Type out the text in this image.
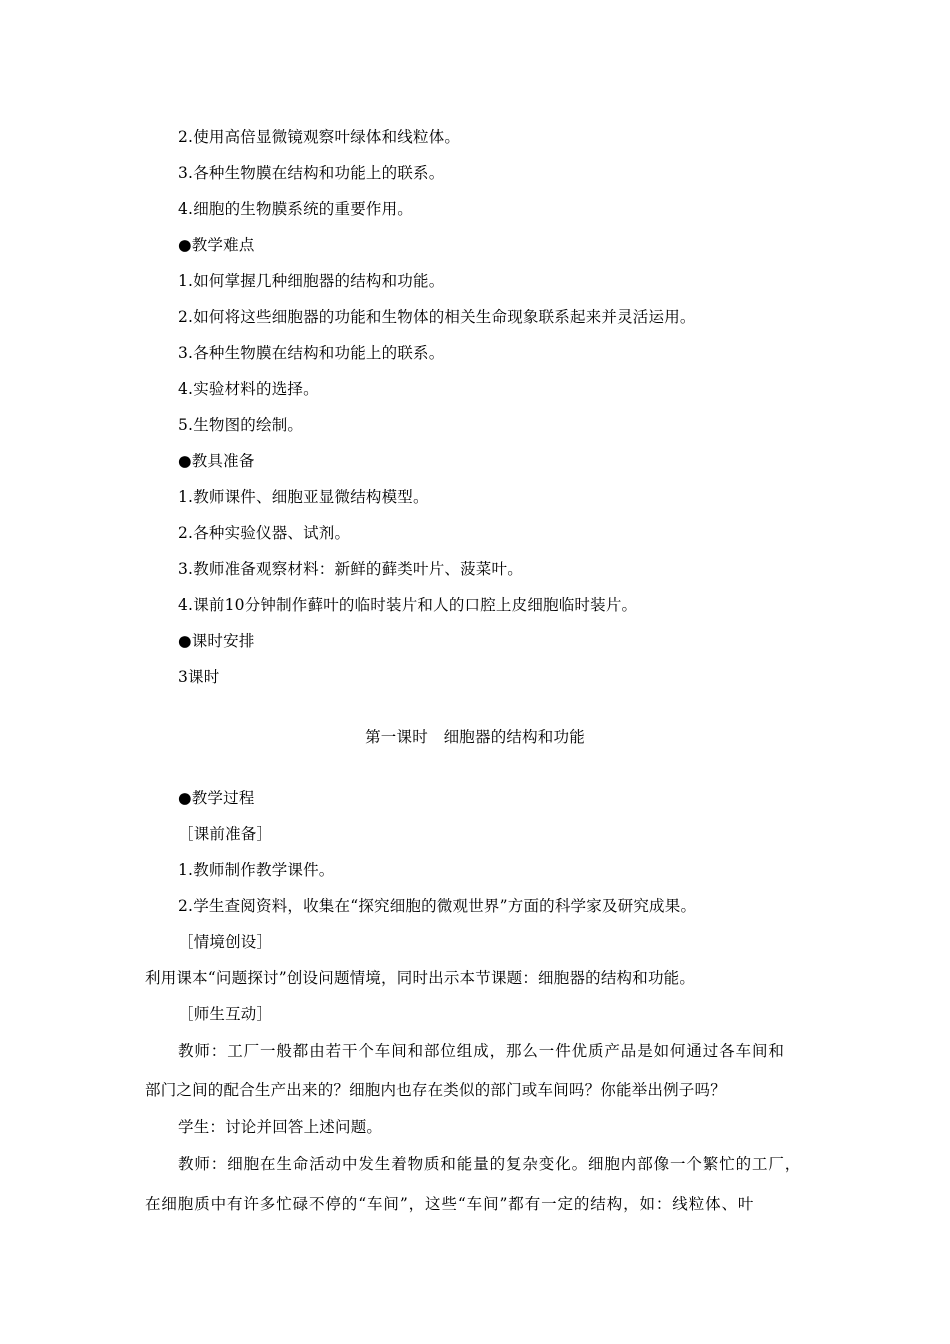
2.使用高倍显微镜观察叶绿体和线粒体。
3.各种生物膜在结构和功能上的联系。
4.细胞的生物膜系统的重要作用。
●教学难点
1.如何掌握几种细胞器的结构和功能。
2.如何将这些细胞器的功能和生物体的相关生命现象联系起来并灵活运用。
3.各种生物膜在结构和功能上的联系。
4.实验材料的选择。
5.生物图的绘制。
●教具准备
1.教师课件、细胞亚显微结构模型。
2.各种实验仪器、试剂。
3.教师准备观察材料：新鲜的藓类叶片、菠菜叶。
4.课前10分钟制作藓叶的临时装片和人的口腔上皮细胞临时装片。
●课时安排
3课时
第一课时　细胞器的结构和功能
●教学过程
［课前准备］
1.教师制作教学课件。
2.学生查阅资料，收集在“探究细胞的微观世界”方面的科学家及研究成果。
［情境创设］
利用课本“问题探讨”创设问题情境，同时出示本节课题：细胞器的结构和功能。
［师生互动］
教师：工厂一般都由若干个车间和部位组成，那么一件优质产品是如何通过各车间和
部门之间的配合生产出来的？细胞内也存在类似的部门或车间吗？你能举出例子吗？
学生：讨论并回答上述问题。
教师：细胞在生命活动中发生着物质和能量的复杂变化。细胞内部像一个繁忙的工厂，
在细胞质中有许多忙碌不停的“车间”，这些“车间”都有一定的结构，如：线粒体、叶
